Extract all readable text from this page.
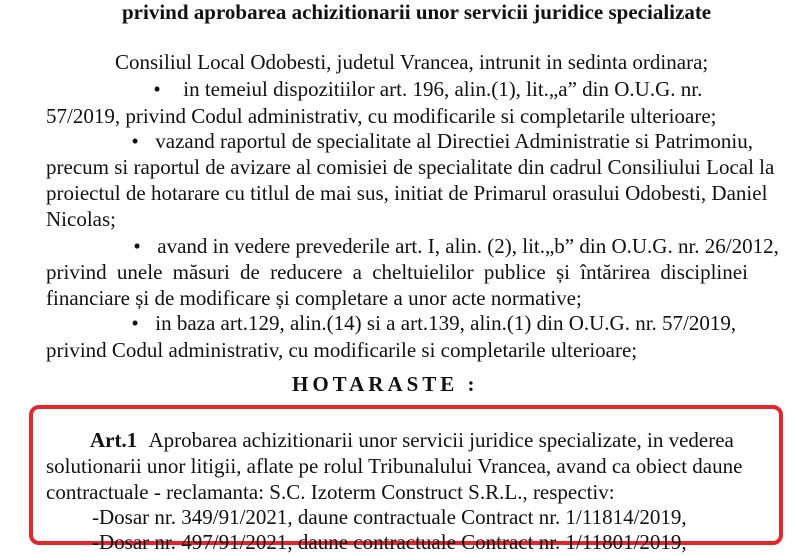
privind aprobarea achizitionarii unor servicii juridice specializate
Consiliul Local Odobesti, judetul Vrancea, intrunit in sedinta ordinara;
• in temeiul dispozitiilor art. 196, alin.(1), lit.„a” din O.U.G. nr.
57/2019, privind Codul administrativ, cu modificarile si completarile ulterioare;
• vazand raportul de specialitate al Directiei Administratie si Patrimoniu,
precum si raportul de avizare al comisiei de specialitate din cadrul Consiliului Local la
proiectul de hotarare cu titlul de mai sus, initiat de Primarul orasului Odobesti, Daniel
Nicolas;
• avand in vedere prevederile art. I, alin. (2), lit.„b” din O.U.G. nr. 26/2012,
privind unele măsuri de reducere a cheltuielilor publice și întărirea disciplinei
financiare și de modificare și completare a unor acte normative;
• in baza art.129, alin.(14) si a art.139, alin.(1) din O.U.G. nr. 57/2019,
privind Codul administrativ, cu modificarile si completarile ulterioare;
HOTARASTE :
Art.1 Aprobarea achizitionarii unor servicii juridice specializate, in vederea
solutionarii unor litigii, aflate pe rolul Tribunalului Vrancea, avand ca obiect daune
contractuale - reclamanta: S.C. Izoterm Construct S.R.L., respectiv:
-Dosar nr. 349/91/2021, daune contractuale Contract nr. 1/11814/2019,
-Dosar nr. 497/91/2021, daune contractuale Contract nr. 1/11801/2019,
